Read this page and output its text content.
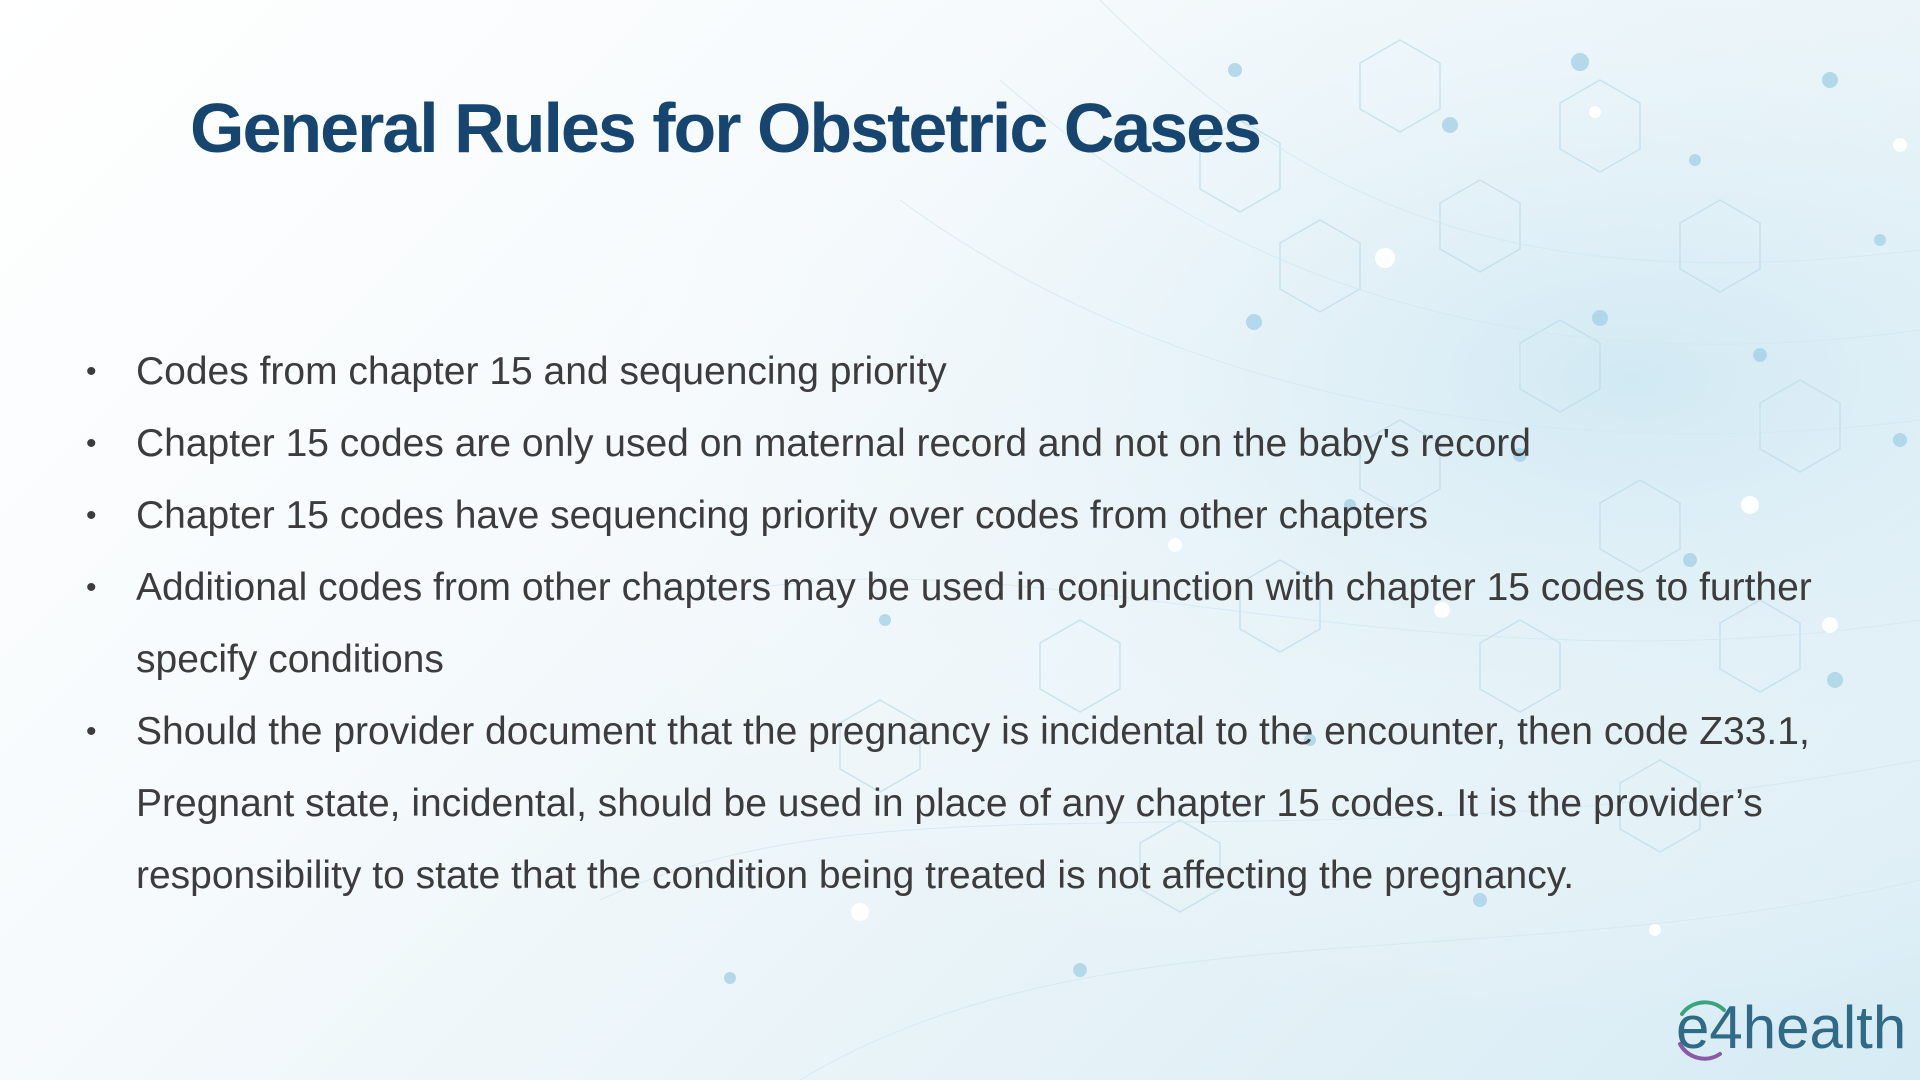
General Rules for Obstetric Cases
•	Codes from chapter 15 and sequencing priority
•	Chapter 15 codes are only used on maternal record and not on the baby's record
•	Chapter 15 codes have sequencing priority over codes from other chapters
•	Additional codes from other chapters may be used in conjunction with chapter 15 codes to further specify conditions
•	Should the provider document that the pregnancy is incidental to the encounter, then code Z33.1, Pregnant state, incidental, should be used in place of any chapter 15 codes. It is the provider’s responsibility to state that the condition being treated is not affecting the pregnancy.
e4health
